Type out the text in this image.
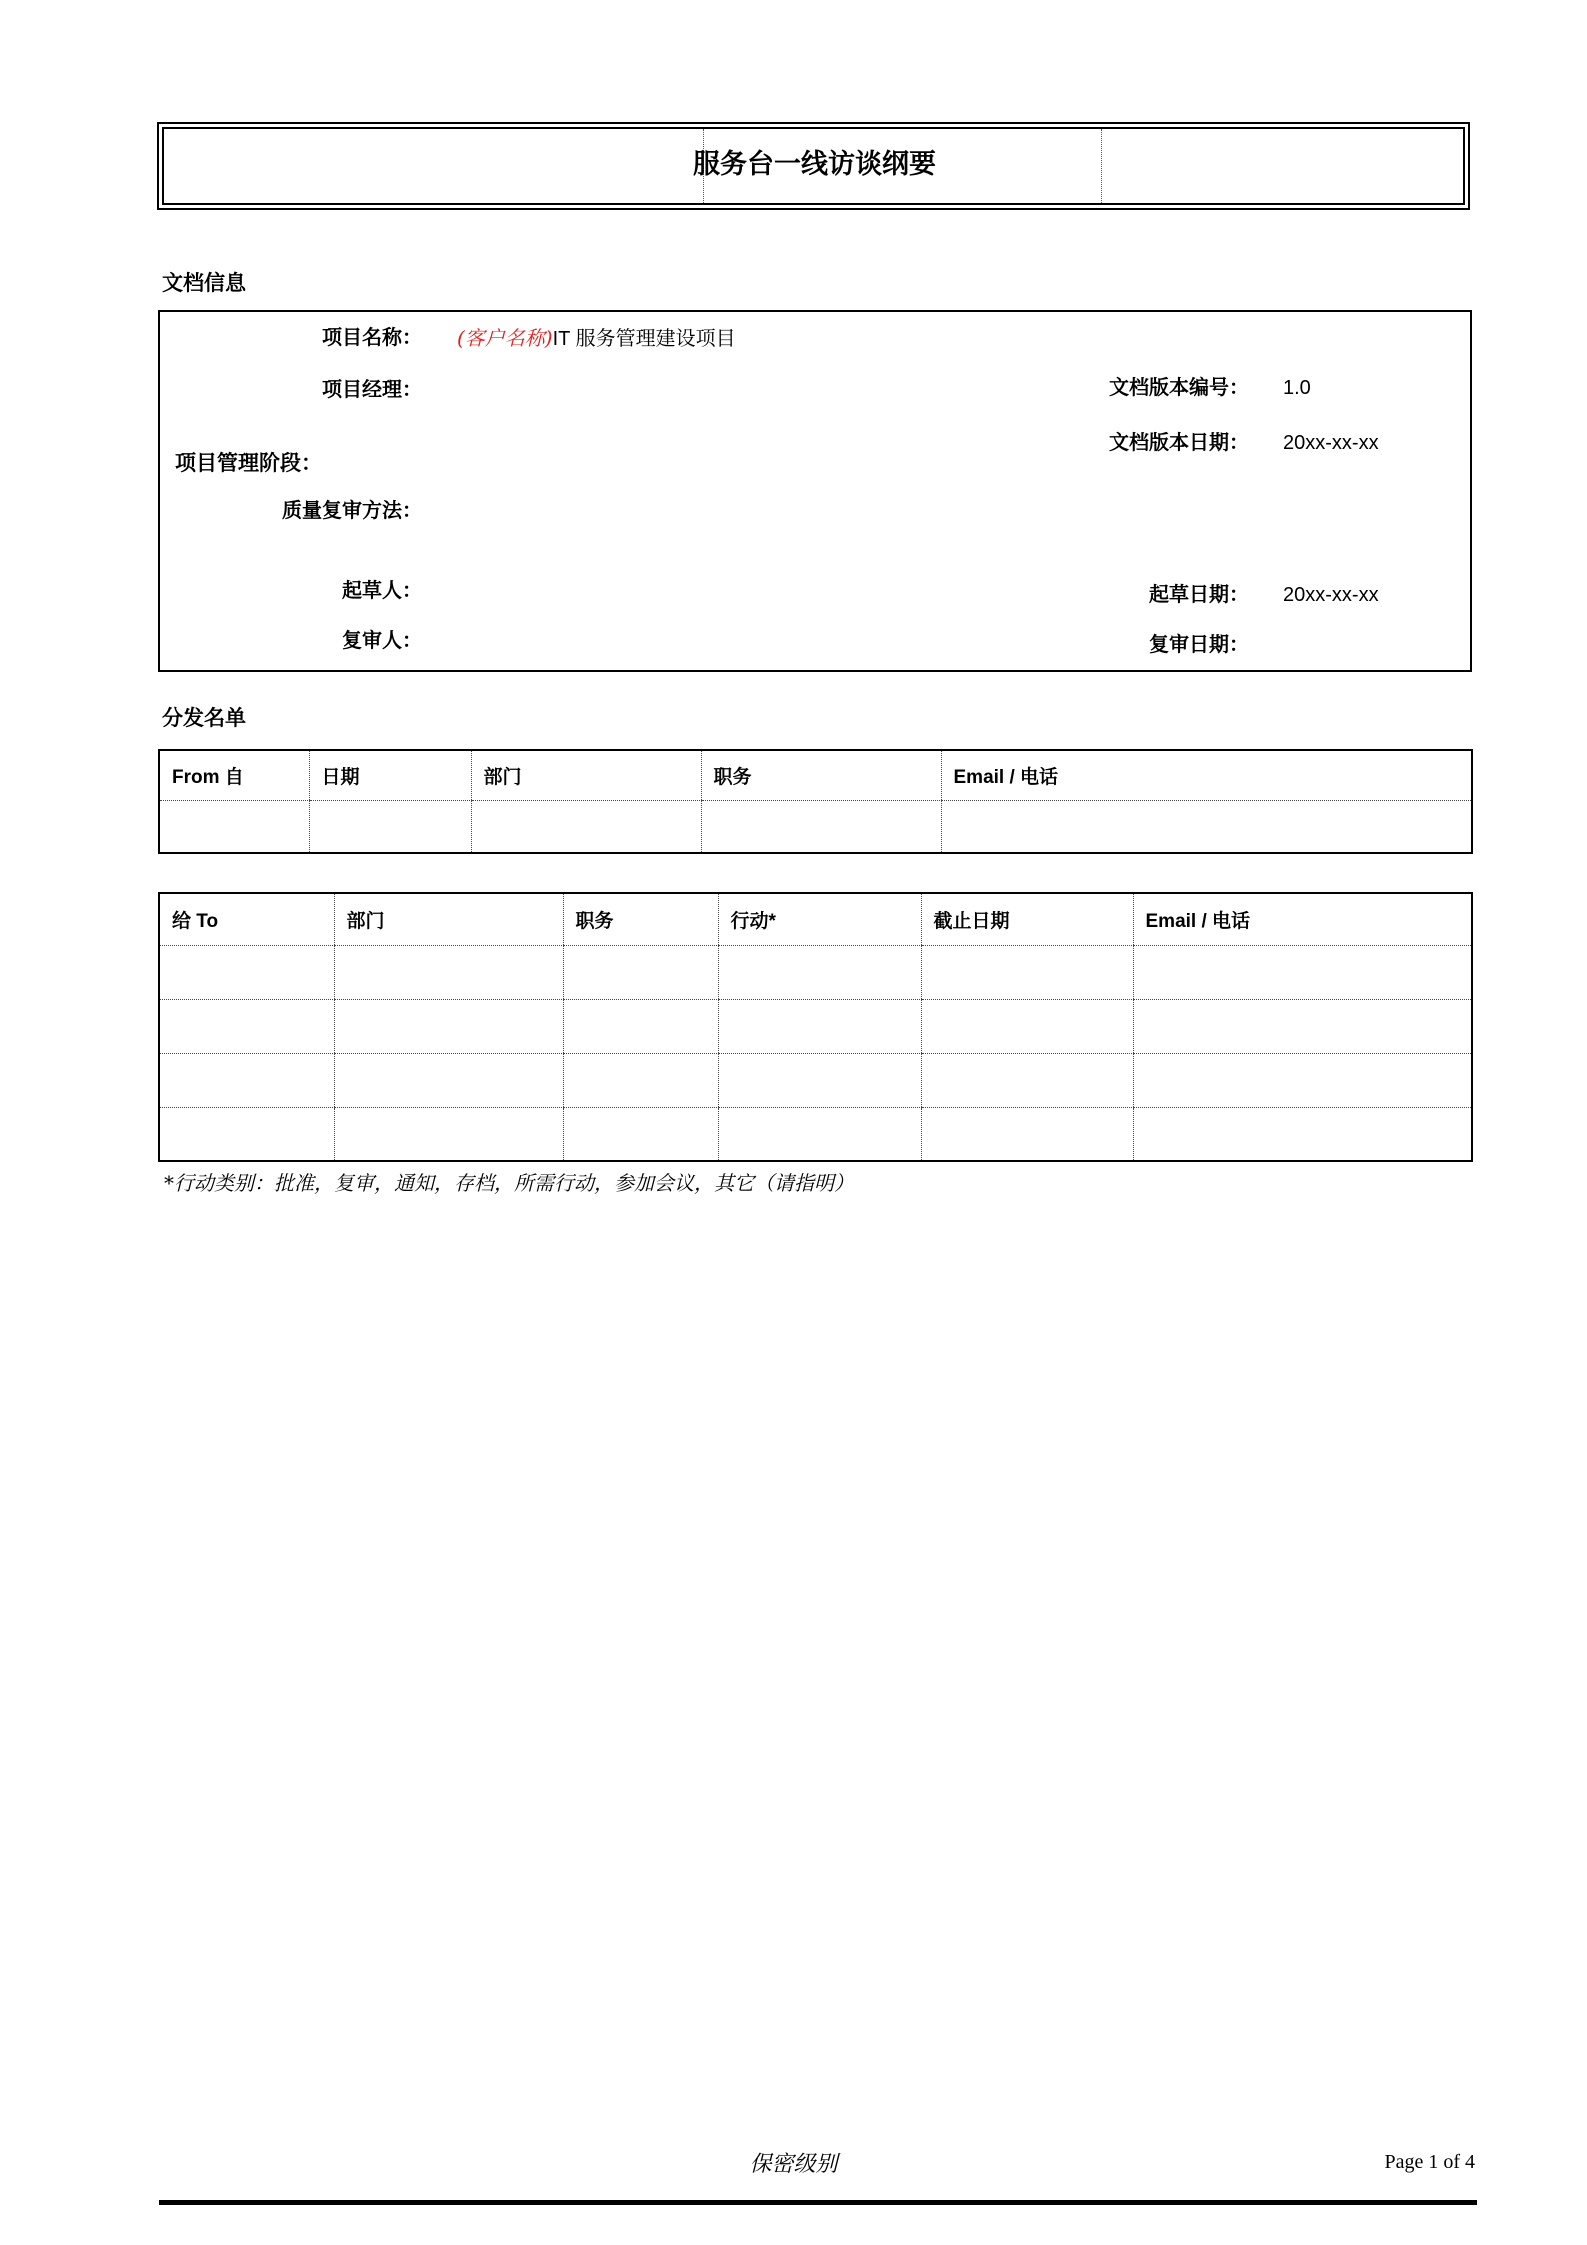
服务台一线访谈纲要
文档信息
项目名称： (客户名称)IT 服务管理建设项目
项目经理：	文档版本编号： 1.0
文档版本日期： 20xx-xx-xx
项目管理阶段：
质量复审方法：
起草人：	起草日期： 20xx-xx-xx
复审人：	复审日期：
分发名单
From 自	日期	部门	职务	Email / 电话

给 To	部门	职务	行动*	截止日期	Email / 电话

*行动类别：批准，复审，通知，存档，所需行动，参加会议，其它（请指明）
保密级别	Page 1 of 4
